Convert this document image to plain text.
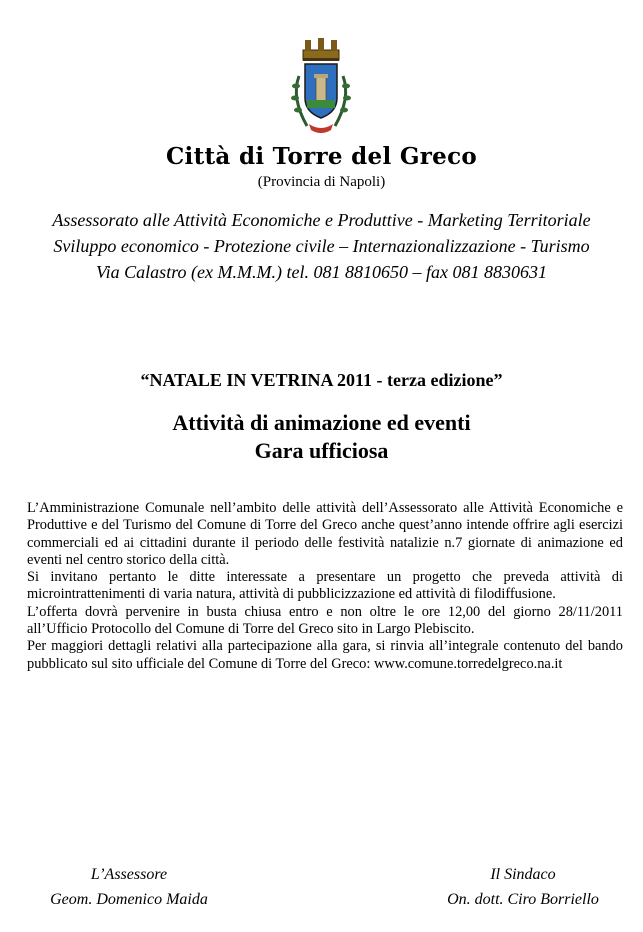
Città di Torre del Greco
(Provincia di Napoli)
Assessorato alle Attività Economiche e Produttive - Marketing Territoriale
Sviluppo economico - Protezione civile – Internazionalizzazione - Turismo
Via Calastro (ex M.M.M.) tel. 081 8810650 – fax 081 8830631
“NATALE IN VETRINA 2011 - terza edizione”
Attività di animazione ed eventi
Gara ufficiosa

L’Amministrazione Comunale nell’ambito delle attività dell’Assessorato alle Attività Economiche e Produttive e del Turismo del Comune di Torre del Greco anche quest’anno intende offrire agli esercizi commerciali ed ai cittadini durante il periodo delle festività natalizie n.7 giornate di animazione ed eventi nel centro storico della città.

Si invitano pertanto le ditte interessate a presentare un progetto che preveda attività di microintrattenimenti di varia natura, attività di pubblicizzazione ed attività di filodiffusione.

L’offerta dovrà pervenire in busta chiusa entro e non oltre le ore 12,00 del giorno 28/11/2011 all’Ufficio Protocollo del Comune di Torre del Greco sito in Largo Plebiscito.

Per maggiori dettagli relativi alla partecipazione alla gara, si rinvia all’integrale contenuto del bando pubblicato sul sito ufficiale del Comune di Torre del Greco: www.comune.torredelgreco.na.it

L’Assessore
Geom. Domenico Maida
Il Sindaco
On. dott. Ciro Borriello
